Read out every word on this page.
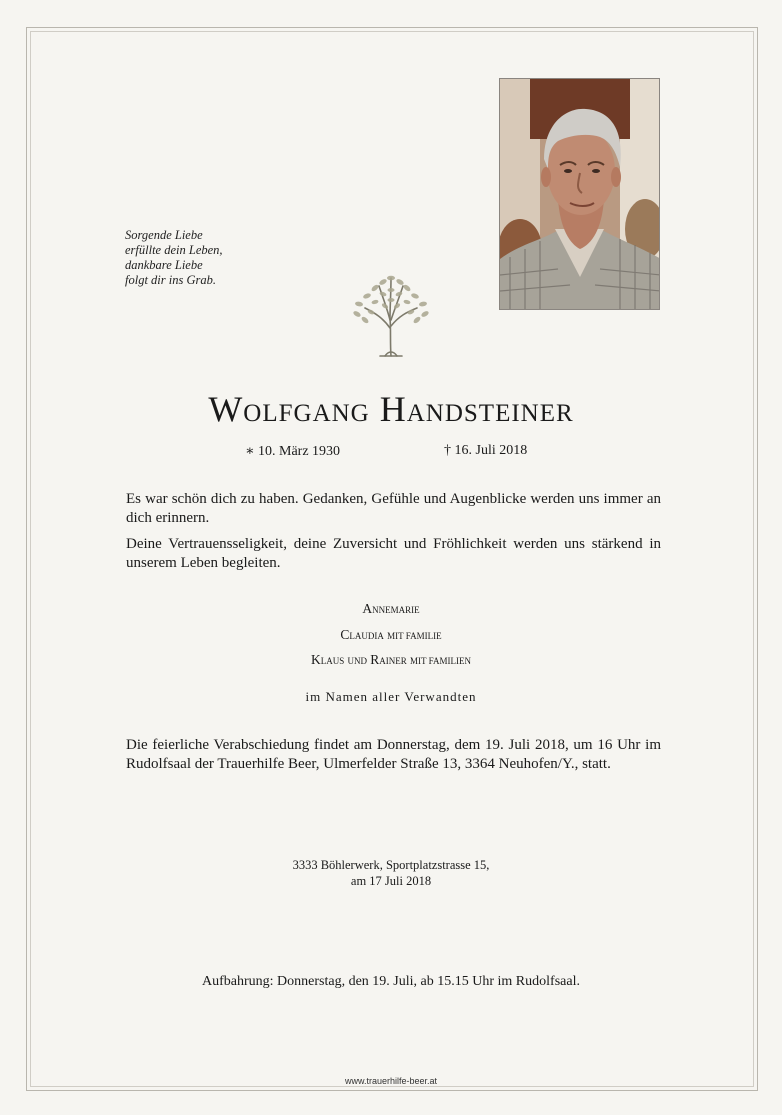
Sorgende Liebe
erfüllte dein Leben,
dankbare Liebe
folgt dir ins Grab.
Wolfgang Handsteiner
∗ 10. März 1930	† 16. Juli 2018
Es war schön dich zu haben. Gedanken, Gefühle und Augenblicke werden uns immer an dich erinnern.
Deine Vertrauensseligkeit, deine Zuversicht und Fröhlichkeit werden uns stärkend in unserem Leben begleiten.
Annemarie
Claudia MIT FAMILIE
Klaus UND Rainer MIT FAMILIEN
im Namen aller Verwandten
Die feierliche Verabschiedung findet am Donnerstag, dem 19. Juli 2018, um 16 Uhr im Rudolfsaal der Trauerhilfe Beer, Ulmerfelder Straße 13, 3364 Neuhofen/Y., statt.
3333 Böhlerwerk, Sportplatzstrasse 15,
am 17 Juli 2018
Aufbahrung: Donnerstag, den 19. Juli, ab 15.15 Uhr im Rudolfsaal.
www.trauerhilfe-beer.at
